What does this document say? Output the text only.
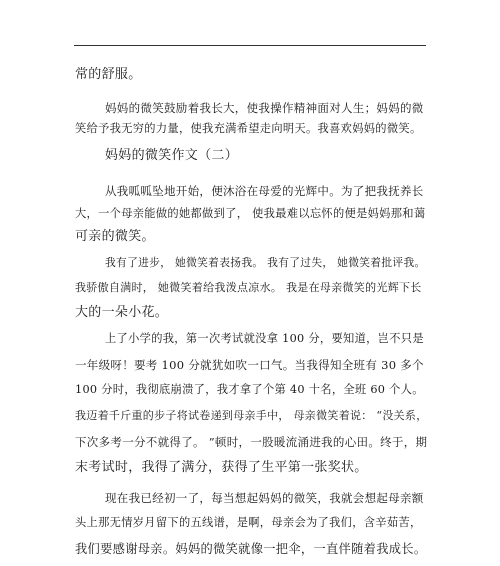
常的舒服。
妈妈的微笑鼓励着我长大，使我操作精神面对人生；妈妈的微
笑给予我无穷的力量，使我充满希望走向明天。我喜欢妈妈的微笑。
妈妈的微笑作文（二）
从我呱呱坠地开始，便沐浴在母爱的光辉中。为了把我抚养长
大，一个母亲能做的她都做到了， 使我最难以忘怀的便是妈妈那和蔼
可亲的微笑。
我有了进步， 她微笑着表扬我。 我有了过失， 她微笑着批评我。
我骄傲自满时， 她微笑着给我泼点凉水。 我是在母亲微笑的光辉下长
大的一朵小花。
上了小学的我，第一次考试就没拿 100 分，要知道，岂不只是
一年级呀！要考 100 分就犹如吹一口气。当我得知全班有 30 多个
100 分时，我彻底崩溃了，我才拿了个第 40 十名，全班 60 个人。
我迈着千斤重的步子将试卷递到母亲手中， 母亲微笑着说： “没关系，
下次多考一分不就得了。 ”顿时，一股暖流涌进我的心田。终于，期
末考试时，我得了满分，获得了生平第一张奖状。
现在我已经初一了，每当想起妈妈的微笑，我就会想起母亲额
头上那无情岁月留下的五线谱，是啊，母亲会为了我们，含辛茹苦，
我们要感谢母亲。妈妈的微笑就像一把伞，一直伴随着我成长。
